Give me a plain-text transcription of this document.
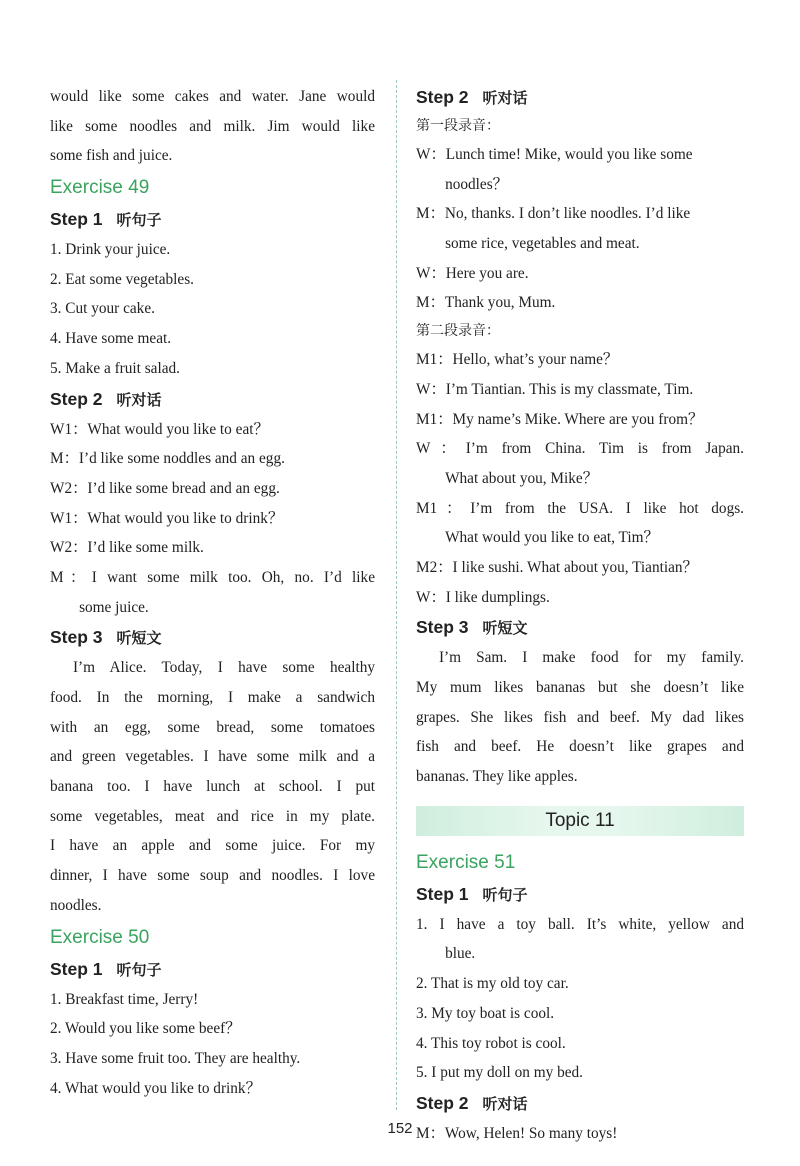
would like some cakes and water. Jane would
like some noodles and milk. Jim would like
some fish and juice.
Exercise 49
Step 1 听句子
1. Drink your juice.
2. Eat some vegetables.
3. Cut your cake.
4. Have some meat.
5. Make a fruit salad.
Step 2 听对话
W1：What would you like to eat？
M：I’d like some noddles and an egg.
W2：I’d like some bread and an egg.
W1：What would you like to drink？
W2：I’d like some milk.
M：I want some milk too. Oh, no. I’d like
some juice.
Step 3 听短文
I’m Alice. Today, I have some healthy
food. In the morning, I make a sandwich
with an egg, some bread, some tomatoes
and green vegetables. I have some milk and a
banana too. I have lunch at school. I put
some vegetables, meat and rice in my plate.
I have an apple and some juice. For my
dinner, I have some soup and noodles. I love
noodles.
Exercise 50
Step 1 听句子
1. Breakfast time, Jerry!
2. Would you like some beef？
3. Have some fruit too. They are healthy.
4. What would you like to drink？
Step 2 听对话
第一段录音：
W：Lunch time! Mike, would you like some
noodles？
M：No, thanks. I don’t like noodles. I’d like
some rice, vegetables and meat.
W：Here you are.
M：Thank you, Mum.
第二段录音：
M1：Hello, what’s your name？
W：I’m Tiantian. This is my classmate, Tim.
M1：My name’s Mike. Where are you from？
W：I’m from China. Tim is from Japan.
What about you, Mike？
M1：I’m from the USA. I like hot dogs.
What would you like to eat, Tim？
M2：I like sushi. What about you, Tiantian？
W：I like dumplings.
Step 3 听短文
I’m Sam. I make food for my family.
My mum likes bananas but she doesn’t like
grapes. She likes fish and beef. My dad likes
fish and beef. He doesn’t like grapes and
bananas. They like apples.
Topic 11
Exercise 51
Step 1 听句子
1. I have a toy ball. It’s white, yellow and
blue.
2. That is my old toy car.
3. My toy boat is cool.
4. This toy robot is cool.
5. I put my doll on my bed.
Step 2 听对话
M：Wow, Helen! So many toys!
152
